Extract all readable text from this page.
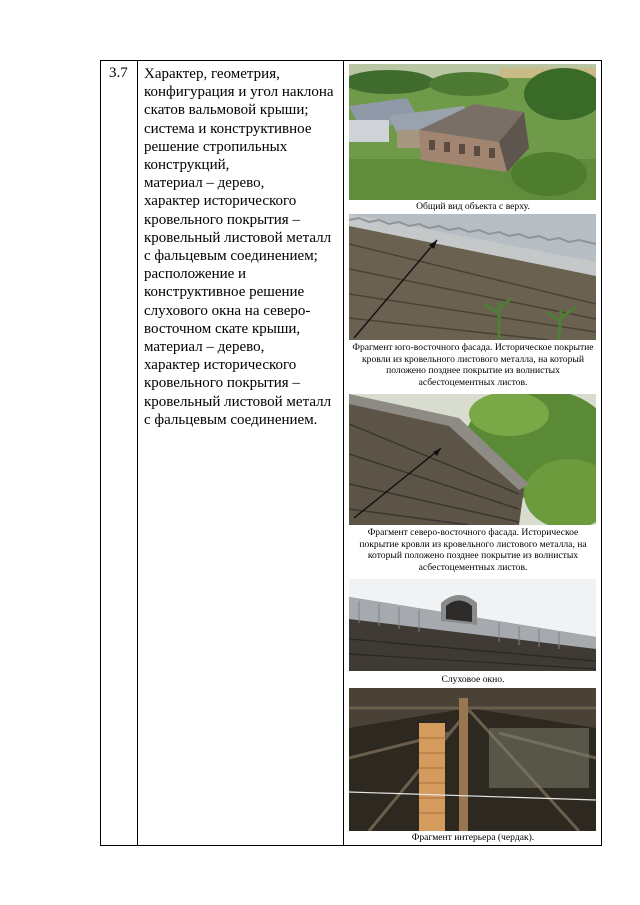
3.7 Характер, геометрия,
конфигурация и угол наклона
скатов вальмовой крыши;
система и конструктивное
решение стропильных
конструкций,
материал – дерево,
характер исторического
кровельного покрытия –
кровельный листовой металл
с фальцевым соединением;
расположение и
конструктивное решение
слухового окна на северо-
восточном скате крыши,
материал – дерево,
характер исторического
кровельного покрытия –
кровельный листовой металл
с фальцевым соединением.
Общий вид объекта с верху.
Фрагмент юго-восточного фасада. Историческое покрытие кровли из кровельного листового металла, на который положено позднее покрытие из волнистых асбестоцементных листов.
Фрагмент северо-восточного фасада. Историческое покрытие кровли из кровельного листового металла, на который положено позднее покрытие из волнистых асбестоцементных листов.
Слуховое окно.
Фрагмент интерьера (чердак).
